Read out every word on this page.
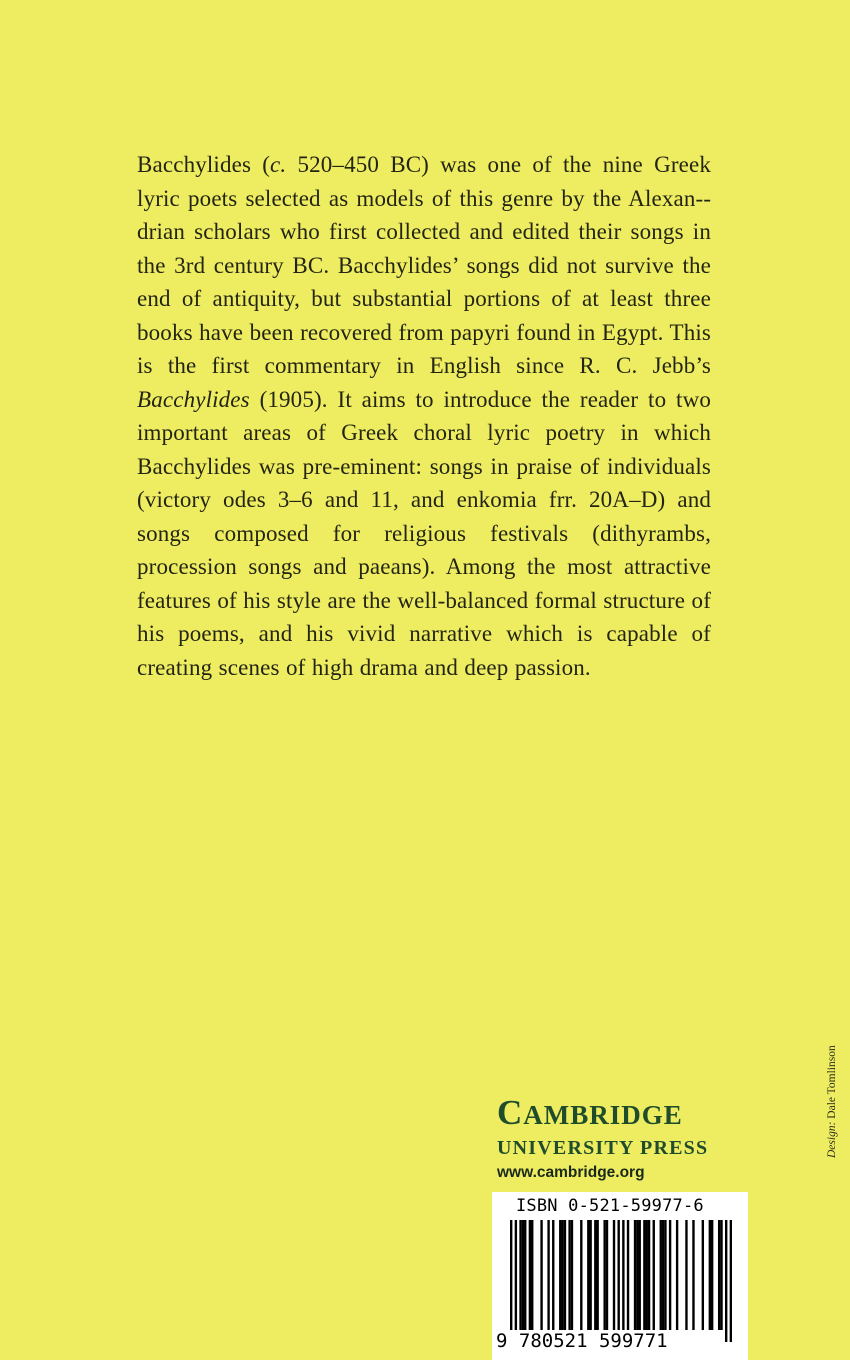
Bacchylides (c. 520–450 BC) was one of the nine Greek lyric poets selected as models of this genre by the Alexan-drian scholars who first collected and edited their songs in the 3rd century BC. Bacchylides’ songs did not survive the end of antiquity, but substantial portions of at least three books have been recovered from papyri found in Egypt. This is the first commentary in English since R. C. Jebb’s Bacchylides (1905). It aims to introduce the reader to two important areas of Greek choral lyric poetry in which Bacchylides was pre-eminent: songs in praise of individuals (victory odes 3–6 and 11, and enkomia frr. 20A–D) and songs composed for religious festivals (dithyrambs, procession songs and paeans). Among the most attractive features of his style are the well-balanced formal structure of his poems, and his vivid narrative which is capable of creating scenes of high drama and deep passion.

Design: Dale Tomlinson
CAMBRIDGE
UNIVERSITY PRESS
www.cambridge.org
ISBN 0-521-59977-6
9 780521 599771
